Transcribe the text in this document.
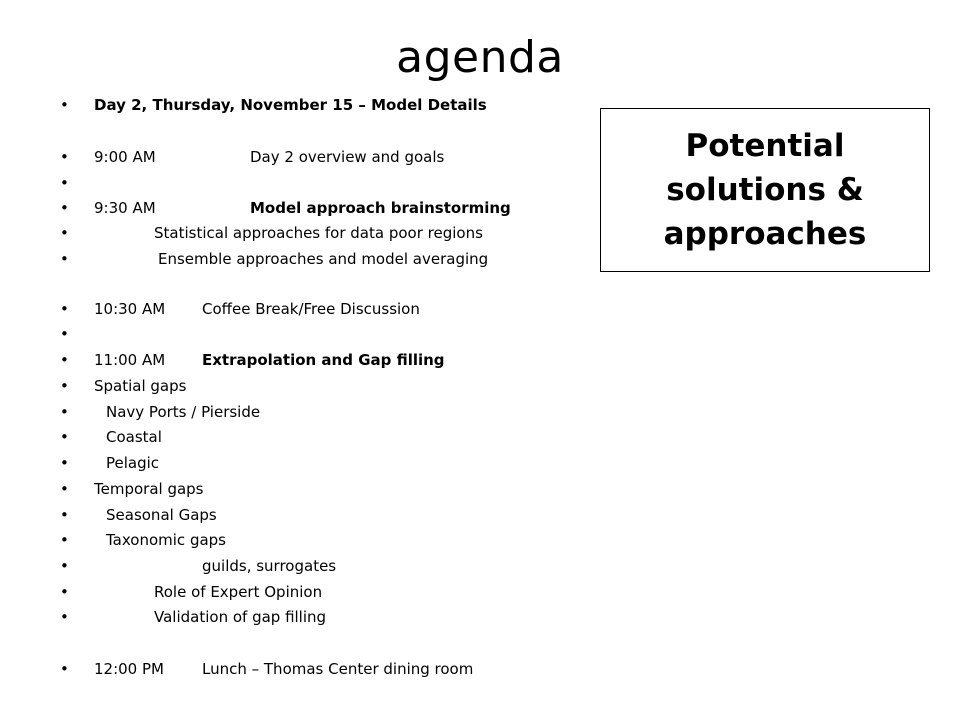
agenda
• Day 2, Thursday, November 15 – Model Details
• 9:00 AM	Day 2 overview and goals
•
• 9:30 AM	Model approach brainstorming
•	Statistical approaches for data poor regions
•	Ensemble approaches and model averaging
• 10:30 AM Coffee Break/Free Discussion
•
• 11:00 AM Extrapolation and Gap filling
• Spatial gaps
• Navy Ports / Pierside
• Coastal
• Pelagic
• Temporal gaps
• Seasonal Gaps
• Taxonomic gaps
•	guilds, surrogates
•	Role of Expert Opinion
•	Validation of gap filling
• 12:00 PM	Lunch – Thomas Center dining room
Potential solutions & approaches
